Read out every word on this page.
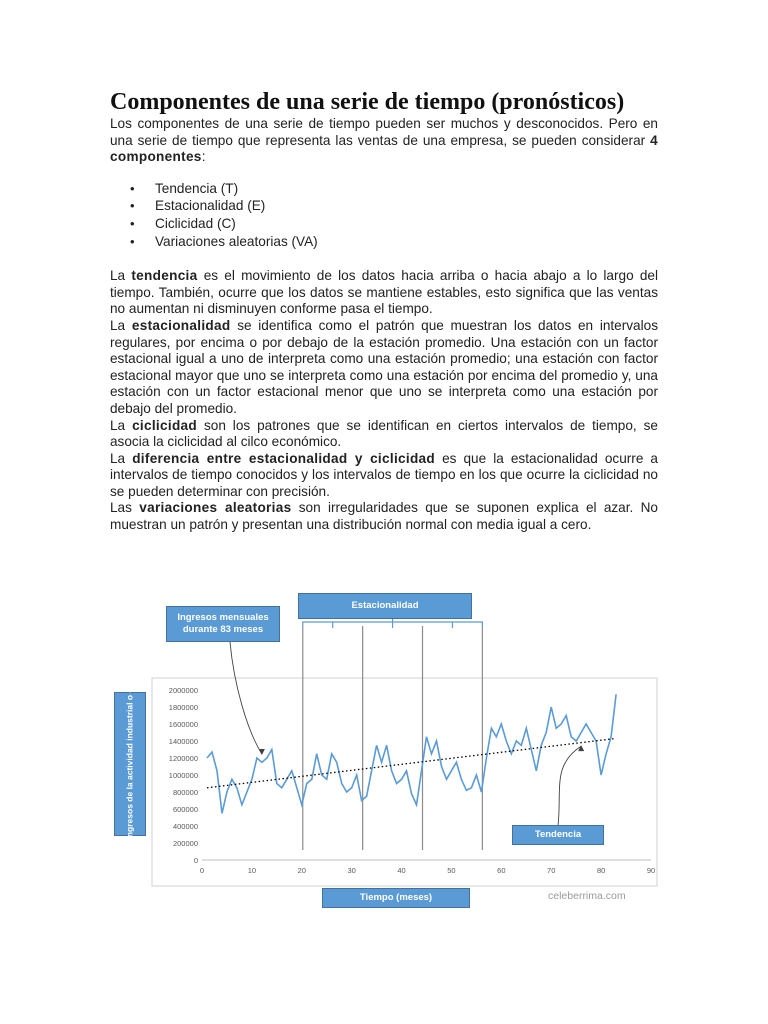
Componentes de una serie de tiempo (pronósticos)

Los componentes de una serie de tiempo pueden ser muchos y desconocidos. Pero en una serie de tiempo que representa las ventas de una empresa, se pueden considerar 4 componentes:

• Tendencia (T)
• Estacionalidad (E)
• Ciclicidad (C)
• Variaciones aleatorias (VA)

La tendencia es el movimiento de los datos hacia arriba o hacia abajo a lo largo del tiempo. También, ocurre que los datos se mantiene estables, esto significa que las ventas no aumentan ni disminuyen conforme pasa el tiempo.

La estacionalidad se identifica como el patrón que muestran los datos en intervalos regulares, por encima o por debajo de la estación promedio. Una estación con un factor estacional igual a uno de interpreta como una estación promedio; una estación con factor estacional mayor que uno se interpreta como una estación por encima del promedio y, una estación con un factor estacional menor que uno se interpreta como una estación por debajo del promedio.

La ciclicidad son los patrones que se identifican en ciertos intervalos de tiempo, se asocia la ciclicidad al cilco económico.

La diferencia entre estacionalidad y ciclicidad es que la estacionalidad ocurre a intervalos de tiempo conocidos y los intervalos de tiempo en los que ocurre la ciclicidad no se pueden determinar con precisión.

Las variaciones aleatorias son irregularidades que se suponen explica el azar. No muestran un patrón y presentan una distribución normal con media igual a cero.

0
200000
400000
600000
800000
1000000
1200000
1400000
1600000
1800000
2000000
0	10	20	30	40	50	60	70	80	90
Ingresos mensuales durante 83 meses
Estacionalidad
Tendencia
Tiempo (meses)
Ingresos de la actividad industrial o comercial
celeberrima.com
